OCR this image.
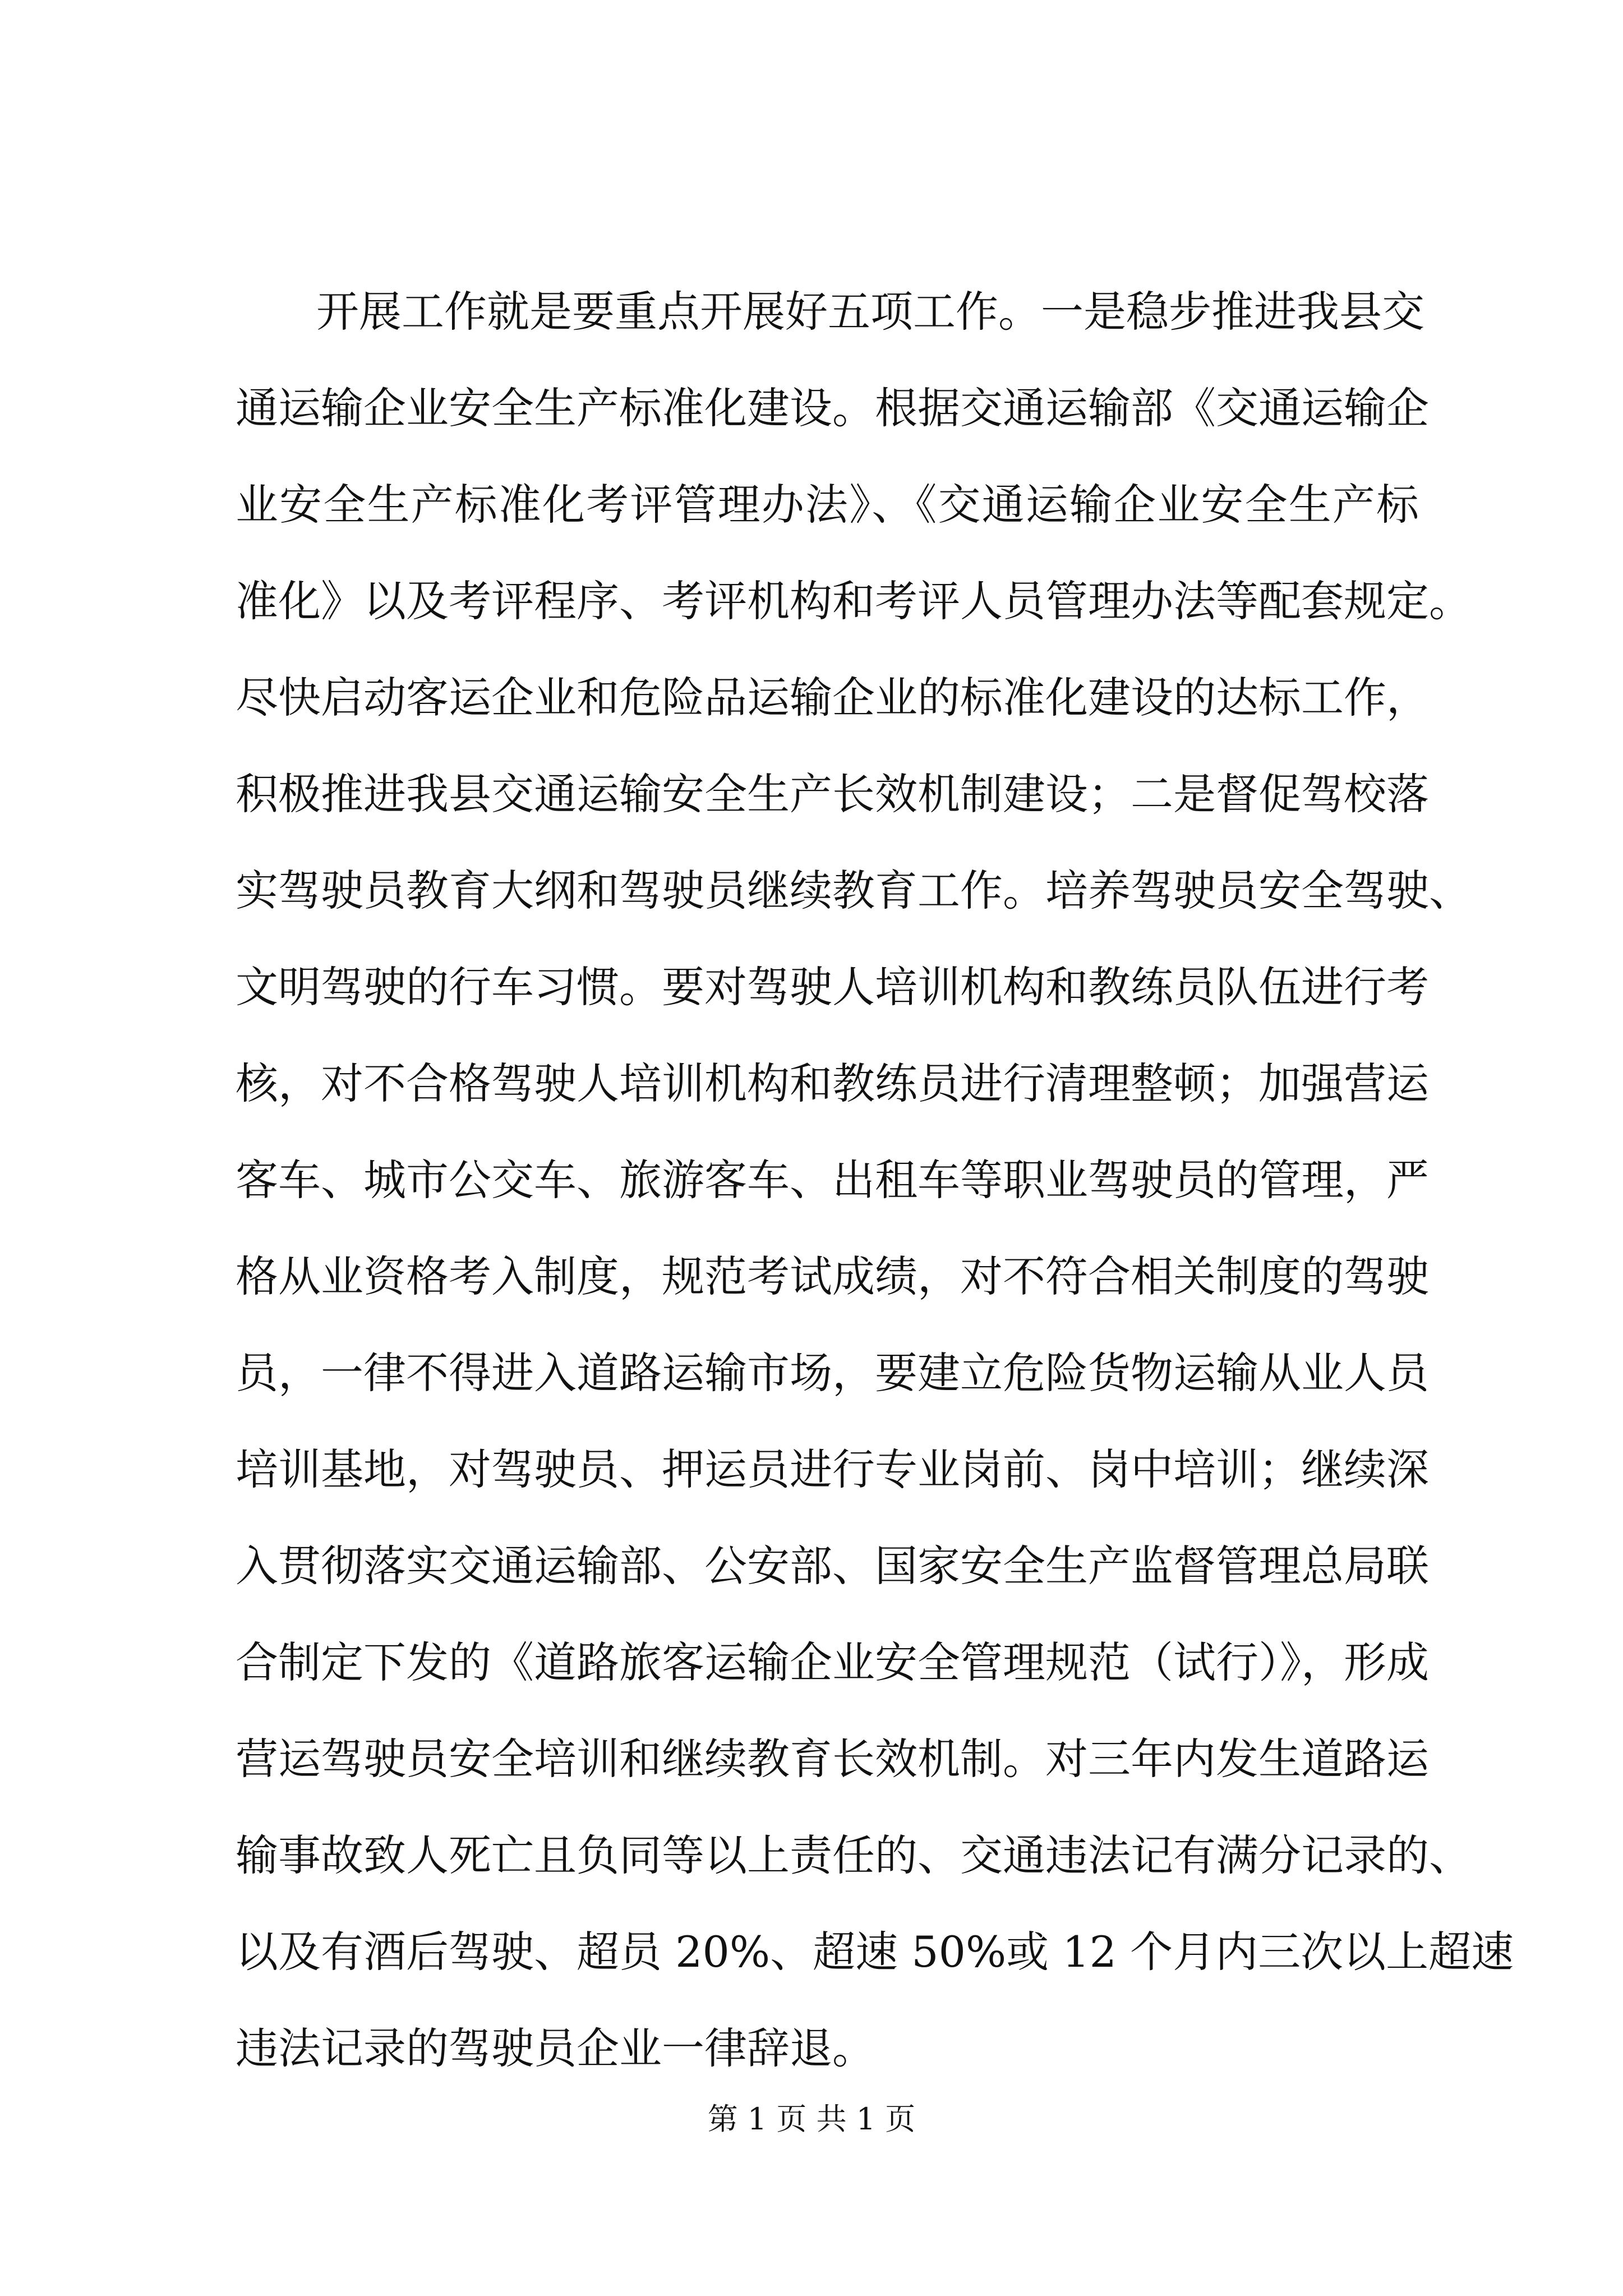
开展工作就是要重点开展好五项工作。一是稳步推进我县交
通运输企业安全生产标准化建设。根据交通运输部《交通运输企
业安全生产标准化考评管理办法》、《交通运输企业安全生产标
准化》以及考评程序、考评机构和考评人员管理办法等配套规定。
尽快启动客运企业和危险品运输企业的标准化建设的达标工作，
积极推进我县交通运输安全生产长效机制建设；二是督促驾校落
实驾驶员教育大纲和驾驶员继续教育工作。培养驾驶员安全驾驶、
文明驾驶的行车习惯。要对驾驶人培训机构和教练员队伍进行考
核，对不合格驾驶人培训机构和教练员进行清理整顿；加强营运
客车、城市公交车、旅游客车、出租车等职业驾驶员的管理，严
格从业资格考入制度，规范考试成绩，对不符合相关制度的驾驶
员，一律不得进入道路运输市场，要建立危险货物运输从业人员
培训基地，对驾驶员、押运员进行专业岗前、岗中培训；继续深
入贯彻落实交通运输部、公安部、国家安全生产监督管理总局联
合制定下发的《道路旅客运输企业安全管理规范（试行）》，形成
营运驾驶员安全培训和继续教育长效机制。对三年内发生道路运
输事故致人死亡且负同等以上责任的、交通违法记有满分记录的、
以及有酒后驾驶、超员 20%、超速 50%或 12 个月内三次以上超速
违法记录的驾驶员企业一律辞退。
第 1 页 共 1 页
